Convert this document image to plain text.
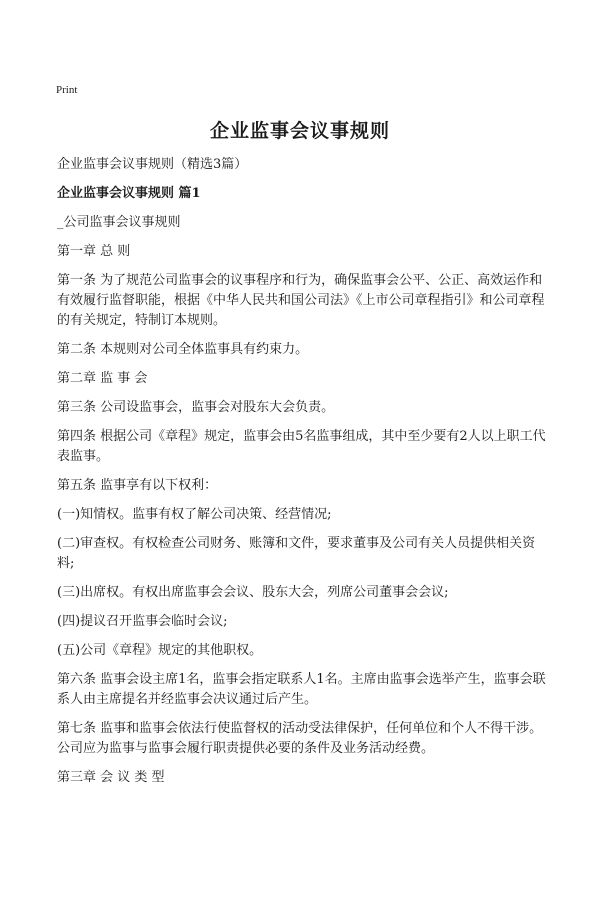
Print
企业监事会议事规则

企业监事会议事规则（精选3篇）

企业监事会议事规则 篇1

_公司监事会议事规则

第一章 总 则

第一条 为了规范公司监事会的议事程序和行为，确保监事会公平、公正、高效运作和有效履行监督职能，根据《中华人民共和国公司法》《上市公司章程指引》和公司章程的有关规定，特制订本规则。

第二条 本规则对公司全体监事具有约束力。

第二章 监 事 会

第三条 公司设监事会，监事会对股东大会负责。

第四条 根据公司《章程》规定，监事会由5名监事组成，其中至少要有2人以上职工代表监事。

第五条 监事享有以下权利：

(一)知情权。监事有权了解公司决策、经营情况;

(二)审查权。有权检查公司财务、账簿和文件，要求董事及公司有关人员提供相关资料;

(三)出席权。有权出席监事会会议、股东大会，列席公司董事会会议;

(四)提议召开监事会临时会议;

(五)公司《章程》规定的其他职权。

第六条 监事会设主席1名，监事会指定联系人1名。主席由监事会选举产生，监事会联系人由主席提名并经监事会决议通过后产生。

第七条 监事和监事会依法行使监督权的活动受法律保护，任何单位和个人不得干涉。公司应为监事与监事会履行职责提供必要的条件及业务活动经费。

第三章 会 议 类 型
